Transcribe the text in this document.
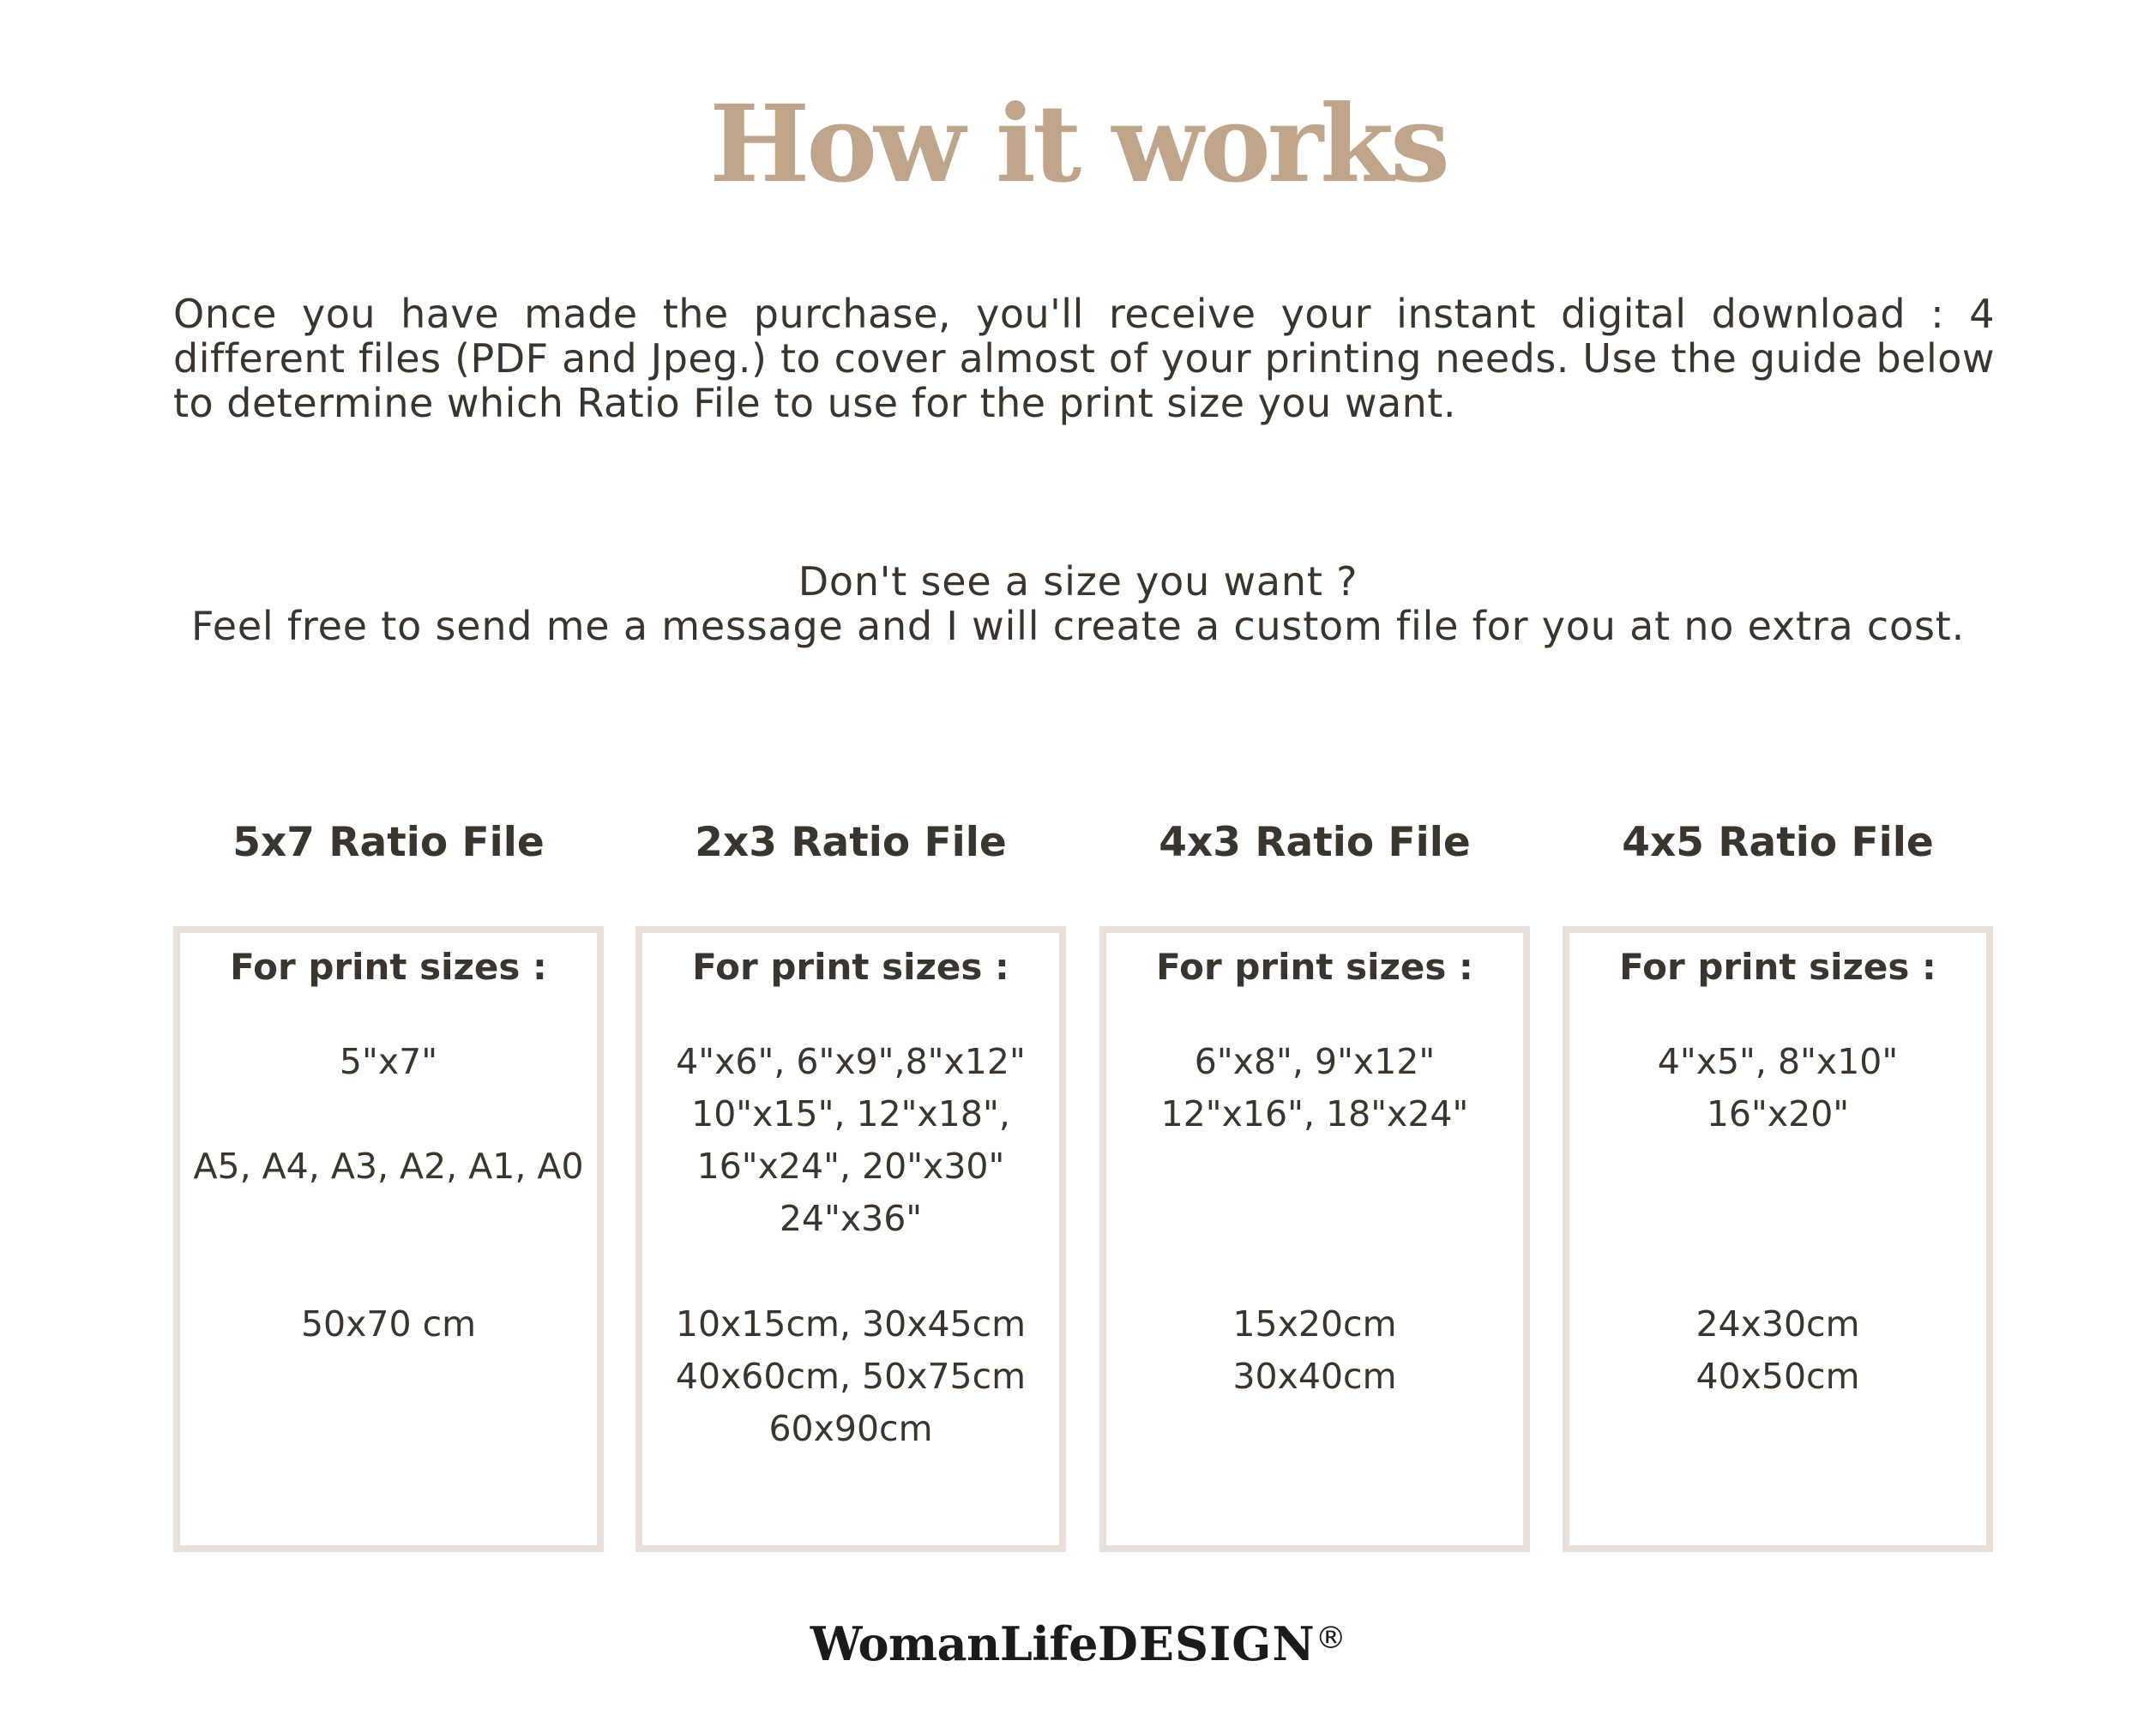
How it works
Once you have made the purchase, you'll receive your instant digital download : 4 different files (PDF and Jpeg.) to cover almost of your printing needs. Use the guide below to determine which Ratio File to use for the print size you want.
Don't see a size you want ?
Feel free to send me a message and I will create a custom file for you at no extra cost.
5x7 Ratio File
For print sizes :
5"x7"

A5, A4, A3, A2, A1, A0
50x70 cm
2x3 Ratio File
For print sizes :
4"x6", 6"x9",8"x12"
10"x15", 12"x18",
16"x24", 20"x30"
24"x36"
10x15cm, 30x45cm
40x60cm, 50x75cm
60x90cm
4x3 Ratio File
For print sizes :
6"x8", 9"x12"
12"x16", 18"x24"
15x20cm
30x40cm
4x5 Ratio File
For print sizes :
4"x5", 8"x10"
16"x20"
24x30cm
40x50cm
WomanLifeDESIGN®
